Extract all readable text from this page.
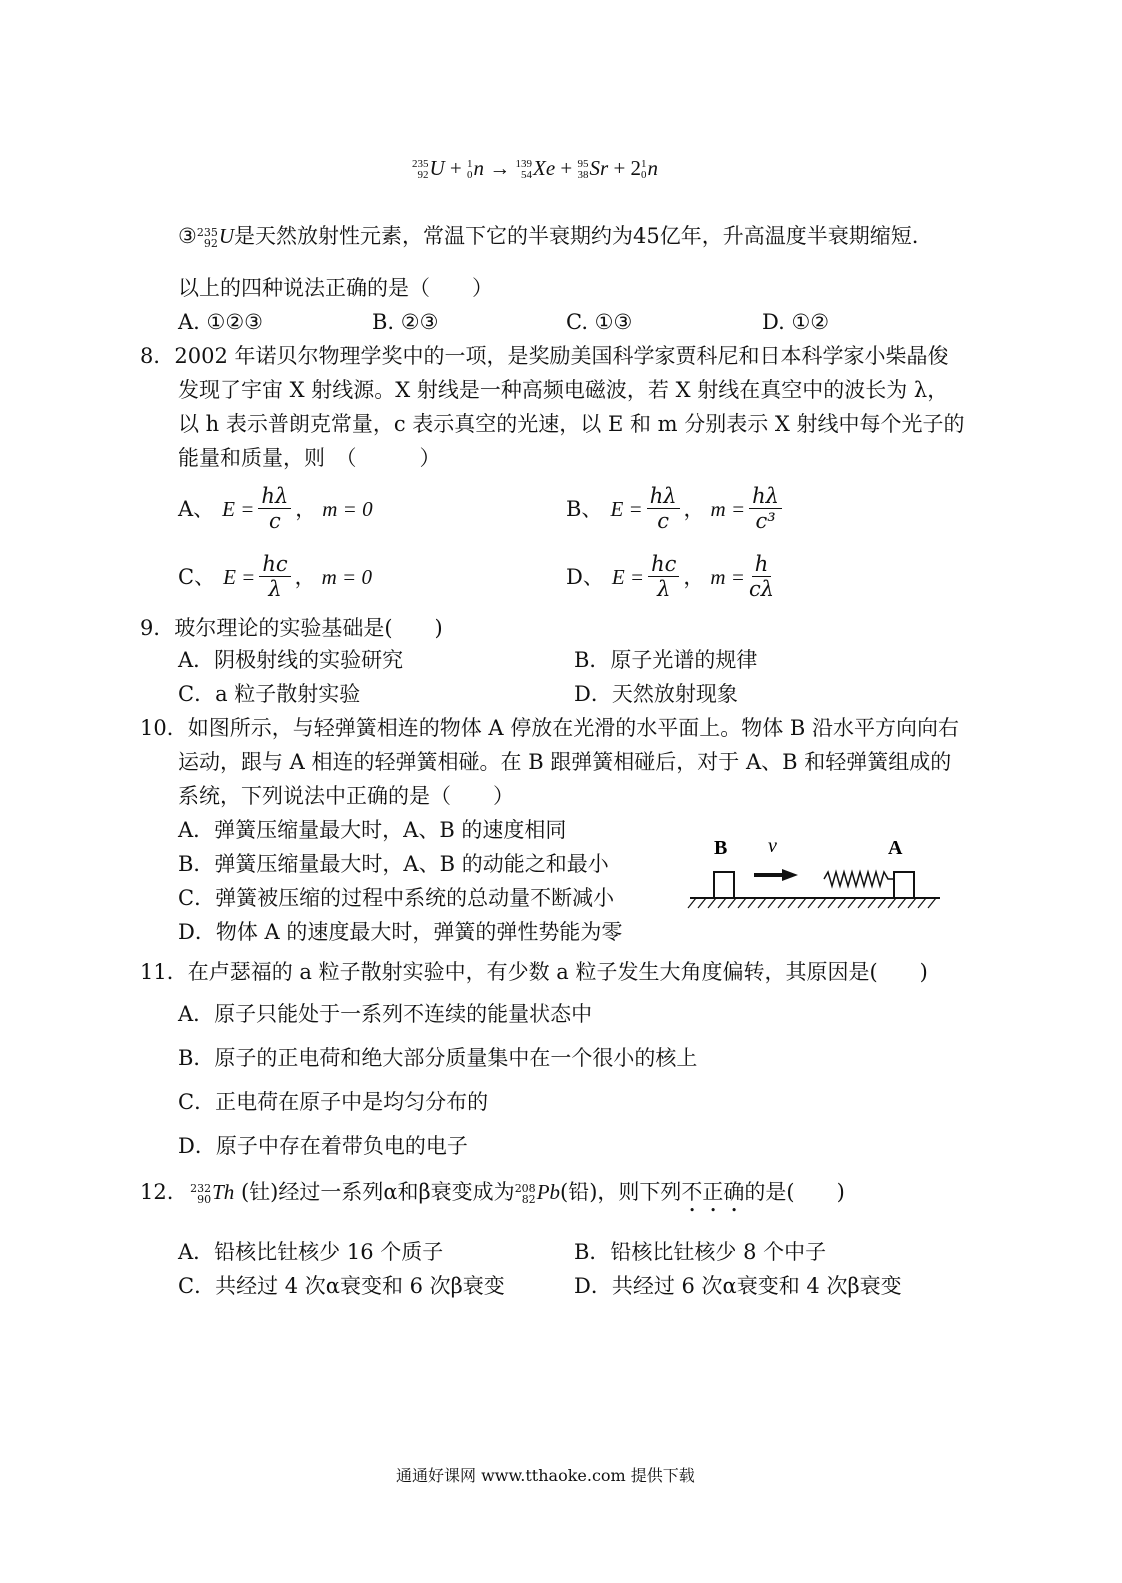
235
92 U + 1
0 n → 139
54 Xe + 95
38 Sr + 2 1
0 n
③ 235
92 U是天然放射性元素，常温下它的半衰期约为45亿年，升高温度半衰期缩短.
以上的四种说法正确的是（　　）
A. ①②③	B. ②③	C. ①③	D. ①②
8．2002 年诺贝尔物理学奖中的一项，是奖励美国科学家贾科尼和日本科学家小柴晶俊
发现了宇宙 X 射线源。X 射线是一种高频电磁波，若 X 射线在真空中的波长为 λ，
以 h 表示普朗克常量，c 表示真空的光速，以 E 和 m 分别表示 X 射线中每个光子的
能量和质量，则　（　　　）
A、 $E = \frac{h\lambda}{c}$ ， m = 0	B、 $E = \frac{h\lambda}{c}$ ， $m = \frac{h\lambda}{\text{c³}}$
C、 $E = \frac{hc}{\lambda}$ ， m = 0	D、 $E = \frac{hc}{\lambda}$ ， $m = \frac{h}{c\lambda}$
9．玻尔理论的实验基础是(　　)
A．阴极射线的实验研究	B．原子光谱的规律
C．a 粒子散射实验	D．天然放射现象
10．如图所示，与轻弹簧相连的物体 A 停放在光滑的水平面上。物体 B 沿水平方向向右
运动，跟与 A 相连的轻弹簧相碰。在 B 跟弹簧相碰后，对于 A、B 和轻弹簧组成的
系统，下列说法中正确的是（　　）
A．弹簧压缩量最大时，A、B 的速度相同
B．弹簧压缩量最大时，A、B 的动能之和最小
C．弹簧被压缩的过程中系统的总动量不断减小
D．物体 A 的速度最大时，弹簧的弹性势能为零
B v	A
11．在卢瑟福的 a 粒子散射实验中，有少数 a 粒子发生大角度偏转，其原因是(　　)
A．原子只能处于一系列不连续的能量状态中
B．原子的正电荷和绝大部分质量集中在一个很小的核上
C．正电荷在原子中是均匀分布的
D．原子中存在着带负电的电子
12. 232
90 Th (钍)经过一系列α和β衰变成为 208
82 Pb(铅)，则下列不正确的是(　　)
A．铅核比钍核少 16 个质子	B．铅核比钍核少 8 个中子
C．共经过 4 次α衰变和 6 次β衰变	D．共经过 6 次α衰变和 4 次β衰变
通通好课网 www.tthaoke.com 提供下载
